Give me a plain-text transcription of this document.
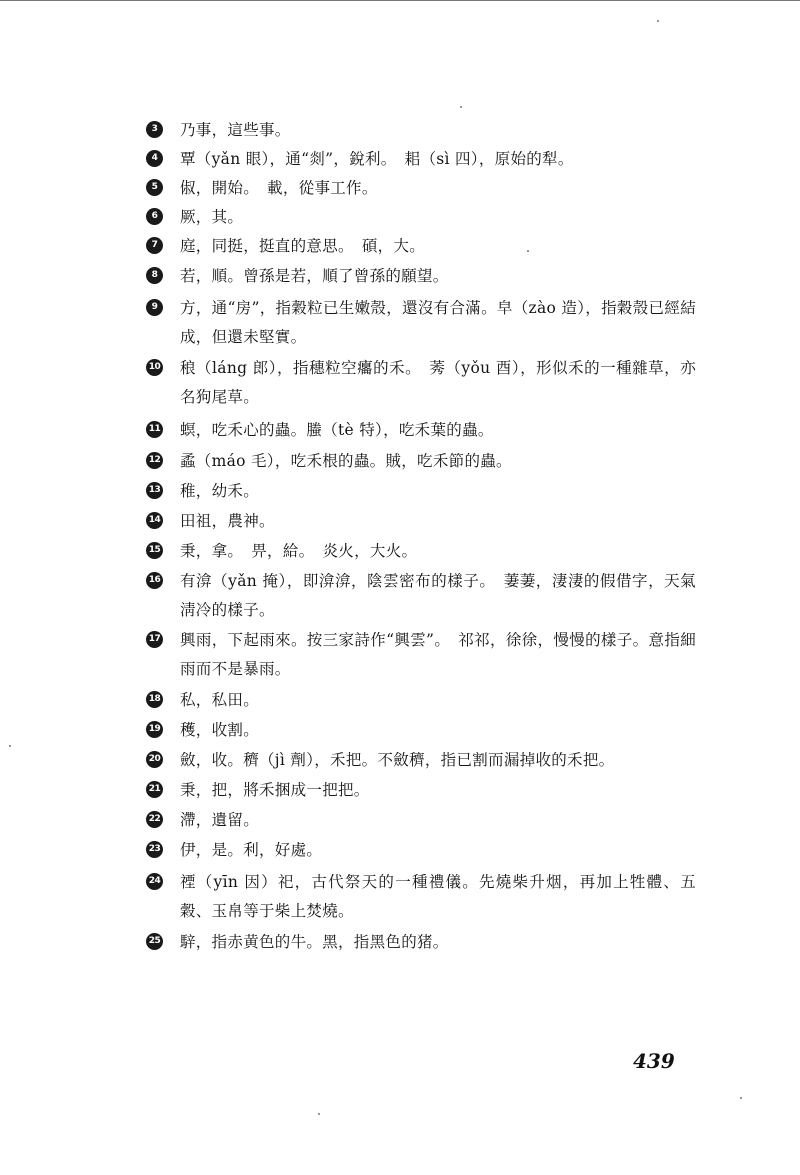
3	乃事，這些事。
4	覃（yǎn 眼），通“剡”，銳利。　耜（sì 四），原始的犁。
5	俶，開始。　載，從事工作。
6	厥，其。
7	庭，同挺，挺直的意思。　碩，大。
8	若，順。曾孫是若，順了曾孫的願望。
9	方，通“房”，指穀粒已生嫩殼，還沒有合滿。皁（zào 造），指穀殼已經結成，但還未堅實。
10 稂（láng 郎），指穗粒空癟的禾。　莠（yǒu 酉），形似禾的一種雜草，亦名狗尾草。
11 螟，吃禾心的蟲。螣（tè 特），吃禾葉的蟲。
12 蟊（máo 毛），吃禾根的蟲。賊，吃禾節的蟲。
13 稚，幼禾。
14 田祖，農神。
15 秉，拿。　畀，給。　炎火，大火。
16 有渰（yǎn 掩），即渰渰，陰雲密布的樣子。　萋萋，淒淒的假借字，天氣淸冷的樣子。
17 興雨，下起雨來。按三家詩作“興雲”。　祁祁，徐徐，慢慢的樣子。意指細雨而不是暴雨。
18 私，私田。
19 穫，收割。
20 斂，收。穧（jì 劑），禾把。不斂穧，指已割而漏掉收的禾把。
21 秉，把，將禾捆成一把把。
22 滯，遺留。
23 伊，是。利，好處。
24 禋（yīn 因）祀，古代祭天的一種禮儀。先燒柴升烟，再加上牲體、五穀、玉帛等于柴上焚燒。
25 騂，指赤黄色的牛。黑，指黑色的猪。
439
